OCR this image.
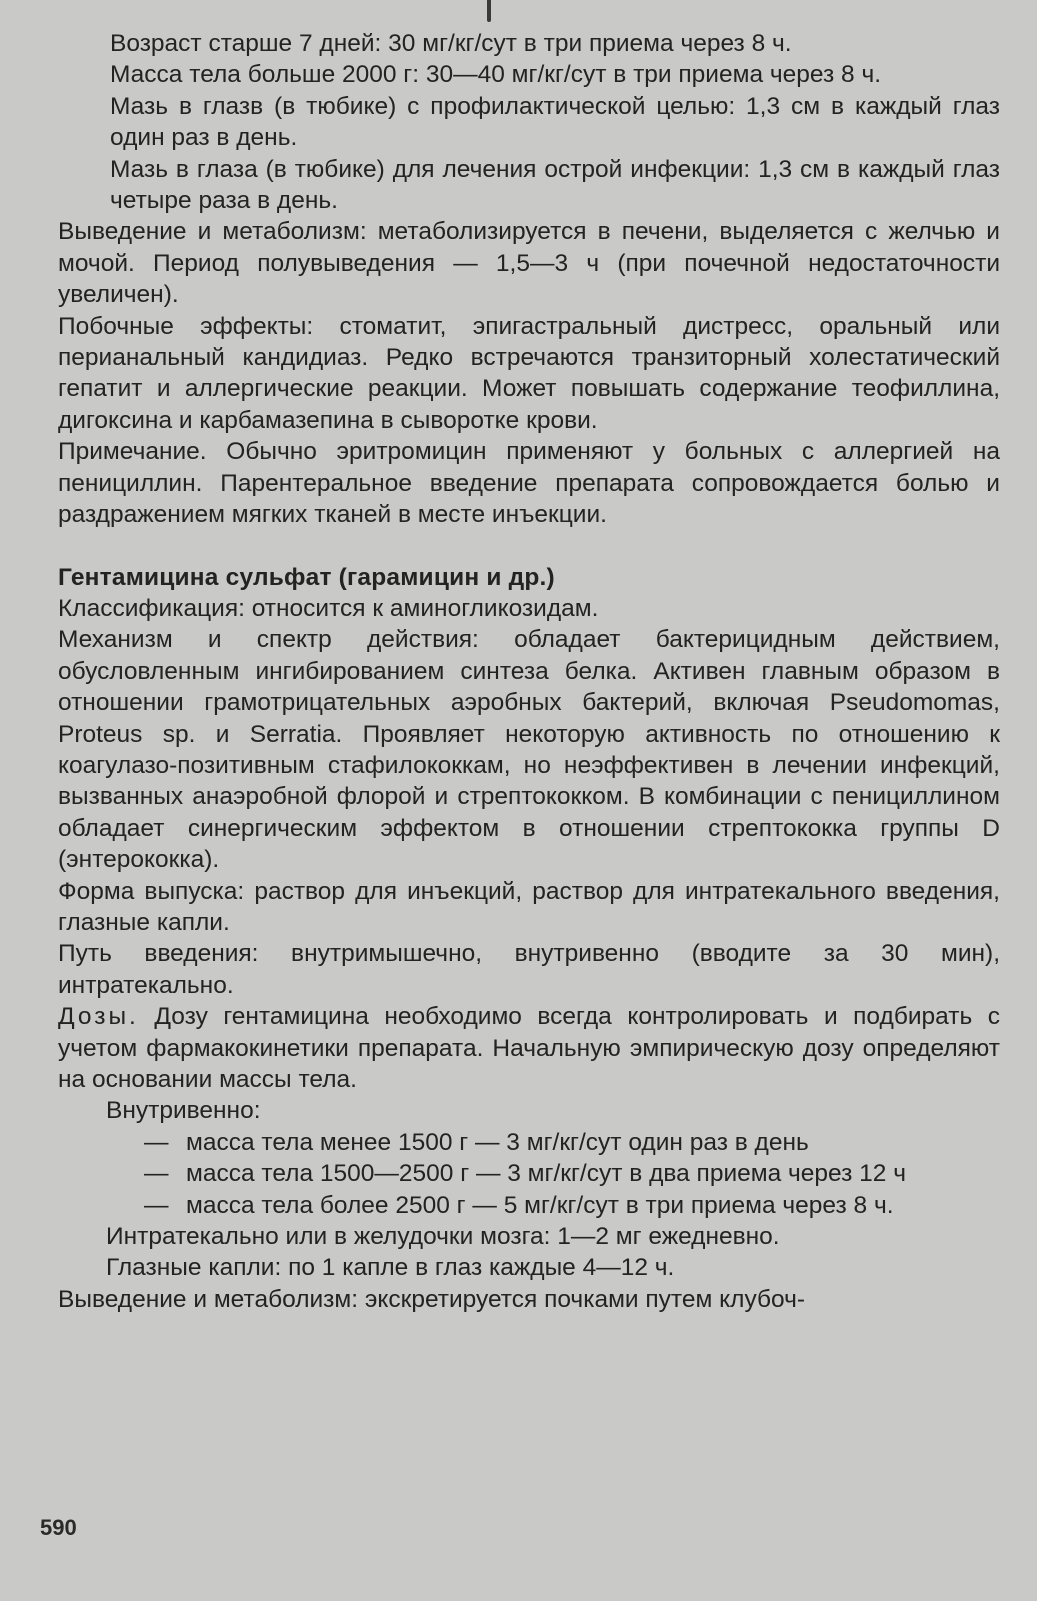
Возраст старше 7 дней: 30 мг/кг/сут в три приема через 8 ч.

Масса тела больше 2000 г: 30—40 мг/кг/сут в три приема через 8 ч.

Мазь в глазв (в тюбике) с профилактической целью: 1,3 см в каждый глаз один раз в день.

Мазь в глаза (в тюбике) для лечения острой инфекции: 1,3 см в каждый глаз четыре раза в день.

Выведение и метаболизм: метаболизируется в печени, выделяется с желчью и мочой. Период полувыведения — 1,5—3 ч (при почечной недостаточности увеличен).

Побочные эффекты: стоматит, эпигастральный дистресс, оральный или перианальный кандидиаз. Редко встречаются транзиторный холестатический гепатит и аллергические реакции. Может повышать содержание теофиллина, дигоксина и карбамазепина в сыворотке крови.

Примечание. Обычно эритромицин применяют у больных с аллергией на пенициллин. Парентеральное введение препарата сопровождается болью и раздражением мягких тканей в месте инъекции.

Гентамицина сульфат (гарамицин и др.)

Классификация: относится к аминогликозидам.

Механизм и спектр действия: обладает бактерицидным действием, обусловленным ингибированием синтеза белка. Активен главным образом в отношении грамотрицательных аэробных бактерий, включая Pseudomomas, Proteus sp. и Serratia. Проявляет некоторую активность по отношению к коагулазо-позитивным стафилококкам, но неэффективен в лечении инфекций, вызванных анаэробной флорой и стрептококком. В комбинации с пенициллином обладает синергическим эффектом в отношении стрептококка группы D (энтерококка).

Форма выпуска: раствор для инъекций, раствор для интратекального введения, глазные капли.

Путь введения: внутримышечно, внутривенно (вводите за 30 мин), интратекально.

Дозы. Дозу гентамицина необходимо всегда контролировать и подбирать с учетом фармакокинетики препарата. Начальную эмпирическую дозу определяют на основании массы тела.

Внутривенно:

— масса тела менее 1500 г — 3 мг/кг/сут один раз в день

— масса тела 1500—2500 г — 3 мг/кг/сут в два приема через 12 ч

— масса тела более 2500 г — 5 мг/кг/сут в три приема через 8 ч.

Интратекально или в желудочки мозга: 1—2 мг ежедневно.

Глазные капли: по 1 капле в глаз каждые 4—12 ч.

Выведение и метаболизм: экскретируется почками путем клубоч-

590
